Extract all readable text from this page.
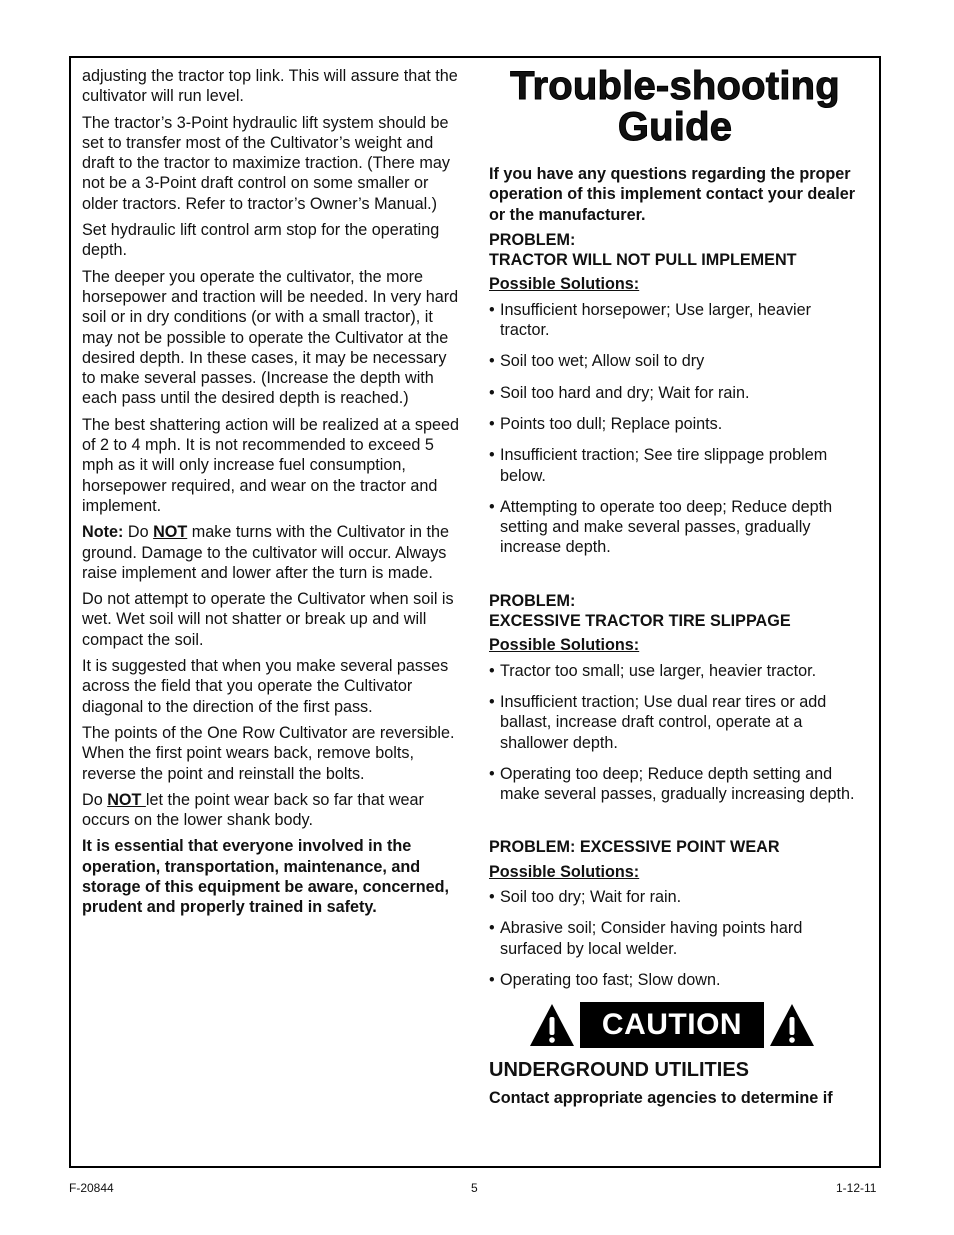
adjusting the tractor top link. This will assure that the cultivator will run level.

The tractor’s 3-Point hydraulic lift system should be set to transfer most of the Cultivator’s weight and draft to the tractor to maximize traction. (There may not be a 3-Point draft control on some smaller or older tractors. Refer to tractor’s Owner’s Manual.)

Set hydraulic lift control arm stop for the operating depth.

The deeper you operate the cultivator, the more horsepower and traction will be needed. In very hard soil or in dry conditions (or with a small tractor), it may not be possible to operate the Cultivator at the desired depth. In these cases, it may be necessary to make several passes. (Increase the depth with each pass until the desired depth is reached.)

The best shattering action will be realized at a speed of 2 to 4 mph. It is not recommended to exceed 5 mph as it will only increase fuel consumption, horsepower required, and wear on the tractor and implement.

Note: Do NOT make turns with the Cultivator in the ground. Damage to the cultivator will occur. Always raise implement and lower after the turn is made.

Do not attempt to operate the Cultivator when soil is wet. Wet soil will not shatter or break up and will compact the soil.

It is suggested that when you make several passes across the field that you operate the Cultivator diagonal to the direction of the first pass.

The points of the One Row Cultivator are reversible. When the first point wears back, remove bolts, reverse the point and reinstall the bolts.

Do NOT let the point wear back so far that wear occurs on the lower shank body.

It is essential that everyone involved in the operation, transportation, maintenance, and storage of this equipment be aware, concerned, prudent and properly trained in safety.

Trouble-shooting
Guide

If you have any questions regarding the proper operation of this implement contact your dealer or the manufacturer.

PROBLEM:
TRACTOR WILL NOT PULL IMPLEMENT
Possible Solutions:
• Insufficient horsepower; Use larger, heavier tractor.
• Soil too wet; Allow soil to dry
• Soil too hard and dry; Wait for rain.
• Points too dull; Replace points.
• Insufficient traction; See tire slippage problem below.
• Attempting to operate too deep; Reduce depth setting and make several passes, gradually increase depth.
PROBLEM:
EXCESSIVE TRACTOR TIRE SLIPPAGE
Possible Solutions:
• Tractor too small; use larger, heavier tractor.
• Insufficient traction; Use dual rear tires or add ballast, increase draft control, operate at a shallower depth.
• Operating too deep; Reduce depth setting and make several passes, gradually increasing depth.
PROBLEM: EXCESSIVE POINT WEAR
Possible Solutions:
• Soil too dry; Wait for rain.
• Abrasive soil; Consider having points hard surfaced by local welder.
• Operating too fast; Slow down.
CAUTION
UNDERGROUND UTILITIES
Contact appropriate agencies to determine if
F-20844	5	1-12-11
